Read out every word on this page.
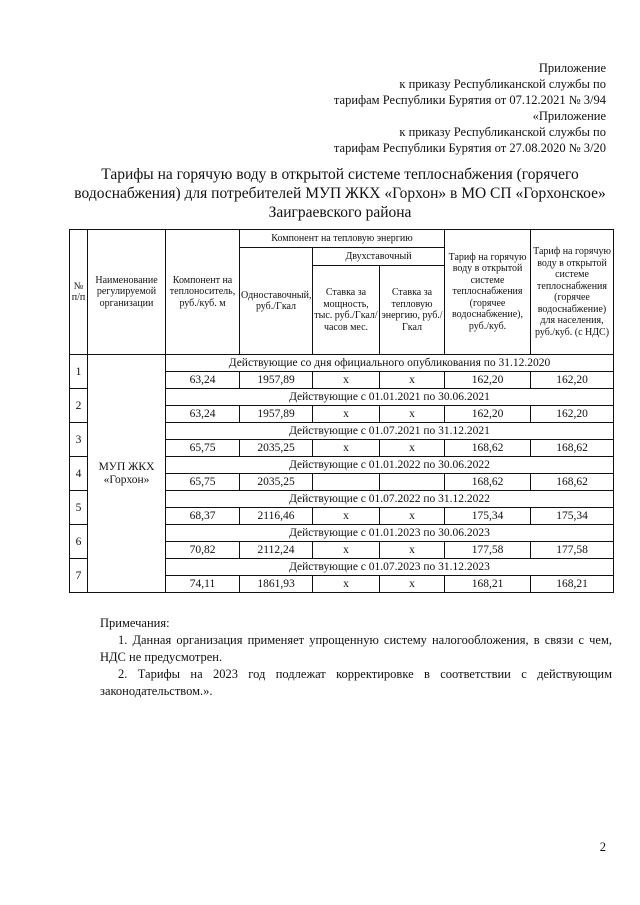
Приложение
к приказу Республиканской службы по
тарифам Республики Бурятия от 07.12.2021 № 3/94
«Приложение
к приказу Республиканской службы по
тарифам Республики Бурятия от 27.08.2020 № 3/20
Тарифы на горячую воду в открытой системе теплоснабжения (горячего
водоснабжения) для потребителей МУП ЖКХ «Горхон» в МО СП «Горхонское»
Заиграевского района
№ п/п	Наименование регулируемой организации	Компонент на теплоноситель, руб./куб. м	Компонент на тепловую энергию			Тариф на горячую воду в открытой системе теплоснабжения (горячее водоснабжение), руб./куб.	Тариф на горячую воду в открытой системе теплоснабжения (горячее водоснабжение) для населения, руб./куб. (с НДС)
			Одноставочный, руб./Гкал	Двухставочный			
				Ставка за мощность, тыс. руб./Гкал/ часов мес.	Ставка за тепловую энергию, руб./Гкал		
1	МУП ЖКХ «Горхон»	Действующие со дня официального опубликования по 31.12.2020					
		63,24	1957,89	x	x	162,20	162,20
2		Действующие с 01.01.2021 по 30.06.2021					
		63,24	1957,89	x	x	162,20	162,20
3		Действующие с 01.07.2021 по 31.12.2021					
		65,75	2035,25	x	x	168,62	168,62
4		Действующие с 01.01.2022 по 30.06.2022					
		65,75	2035,25			168,62	168,62
5		Действующие с 01.07.2022 по 31.12.2022					
		68,37	2116,46	x	x	175,34	175,34
6		Действующие с 01.01.2023 по 30.06.2023					
		70,82	2112,24	x	x	177,58	177,58
7		Действующие с 01.07.2023 по 31.12.2023					
		74,11	1861,93	x	x	168,21	168,21

Примечания:

1. Данная организация применяет упрощенную систему налогообложения, в связи с чем, НДС не предусмотрен.

2. Тарифы на 2023 год подлежат корректировке в соответствии с действующим законодательством.».

2
